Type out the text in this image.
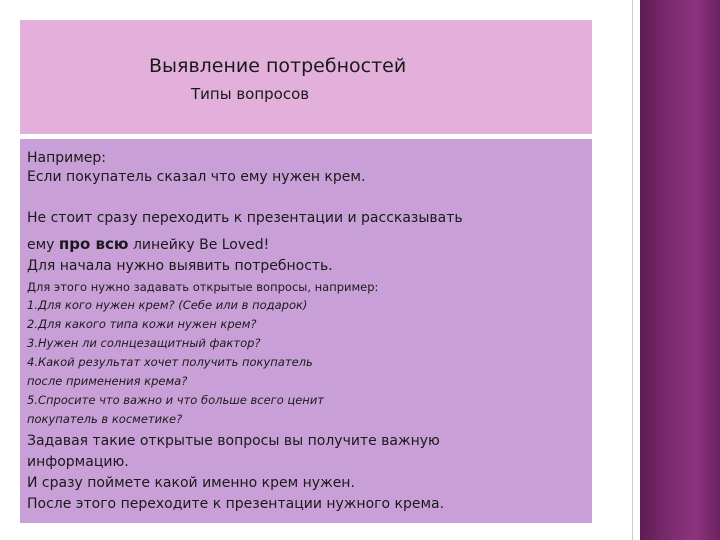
Выявление потребностей
Типы вопросов
Например:
Если покупатель сказал что ему нужен крем.
Не стоит сразу переходить к презентации и рассказывать
ему про всю линейку Be Loved!
Для начала нужно выявить потребность.
Для этого нужно задавать открытые вопросы, например:
1.Для кого нужен крем? (Себе или в подарок)
2.Для какого типа кожи нужен крем?
3.Нужен ли солнцезащитный фактор?
4.Какой результат хочет получить покупатель
после применения крема?
5.Спросите что важно и что больше всего ценит
покупатель в косметике?
Задавая такие открытые вопросы вы получите важную
информацию.
И сразу поймете какой именно крем нужен.
После этого переходите к презентации нужного крема.
